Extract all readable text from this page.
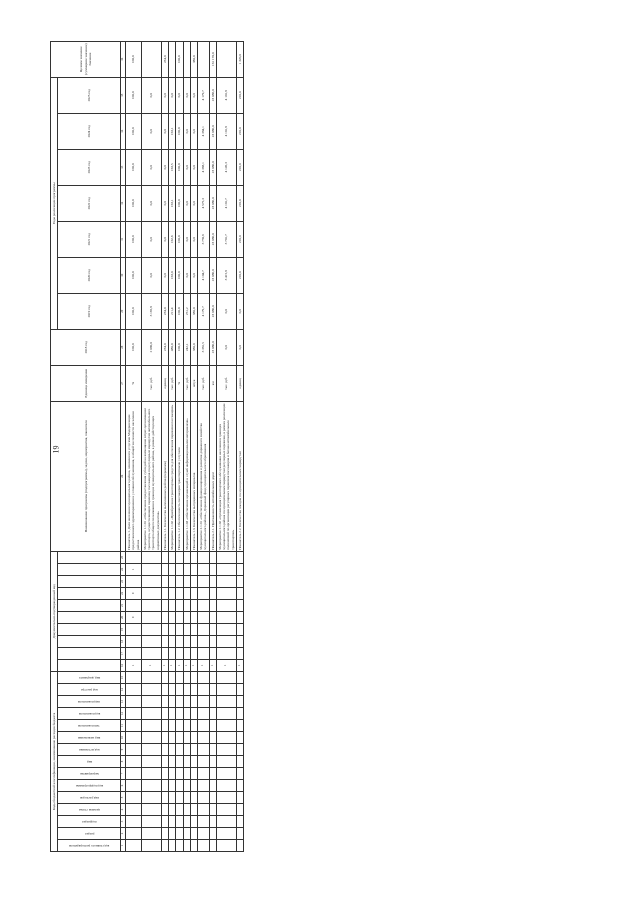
19
Коды бюджетной классификации, наименование расходов бюджета															Документально-подтвержденный код										Наименование программы (подпрограммы), задачи, мероприятия, показателя	Единица измерения	2018 год	Годы реализации программы							Целевое значение (суммарное значение) Значение

код главного распорядителя	раздел	подраздел	целевая статья	вид расходов	код подпрограммы	мероприятие	вид	код источника	вид назначения	тип показателя	код показателя	вид показателя	код реестра	вид документа														2019 год	2020 год	2021 год	2022 год	2023 год	2024 год	2025 год	
1	2	3	4	5	6	7	8	9	10	11	12	13	14	15	16	17	18	19	20	21	22	23	24	25	26	27	28	29	30	31	32	33	34	35	36
															1				0		0		1		Показатель 1. Доля населения муниципального района, охваченного услугами Модернизации предоставленного здравоохранения и условием обслуживания, в общей численности населения района	%	100,0	100,0	100,0	100,0	100,0	100,0	100,0	100,0	100,0
															1										Мероприятие 1.1.01 «Обеспечение предоставления субсидий на возмещение затрат организациям транспорта, осуществляющим перевозку пассажиров по регулярным маршрутам автомобильного транспорта общего пользования в границах муниципального района, в рамках действующих нормативных документов»	тыс. руб.	2 090,0	3 165,8	0,0	0,0	0,0	0,0	0,0	0,0	
															1										Показатель 1.1. Количество выполненных рейсов (перевозок)	единиц	234,0	234,0	0,0	0,0	0,0	0,0	0,0	0,0	234,0
															1										Мероприятие 1.1.02 «Приобретение транспортных средств для обеспечения перевозки пассажиров»	тыс. руб.	480,0	211,4	163,0	162,6	163,1	163,5	163,1	0,0	
															1										Показатель 1.2. Обеспеченность пассажиров транспортными услугами	%	100,0	100,0	100,0	100,0	100,0	100,0	100,0	0,0	100,0
															1										Мероприятие 1.1.03 «Обеспечение организаций и служб информационными материалами»	тыс. руб.	242,1	251,2	0,0	0,0	0,0	0,0	0,0	0,0	
															1										Показатель 1.3. Количество выпущенных материалов	штук	380,0	380,0	0,0	0,0	0,0	0,0	0,0	0,0	380,0
															1										Мероприятие 2.1.01 «Обеспечение функционирования и развития дорожного хозяйства муниципального района», Дорожный фонд муниципального образования	тыс. руб.	3 381,5	4 179,7	4 104,7	3 759,6	4 575,3	4 368,1	4 384,1	4 179,7	
															1										Показатель 2.1. Протяженность автомобильных дорог	км	23 086,0	23 086,0	23 086,0	23 086,0	23 086,0	23 086,0	23 086,0	23 086,0	161 170,0
															1										Мероприятие 2.1.02 «Организация транспортного обслуживания населения в границах муниципального района по муниципальным маршрутам регулярных перевозок, в рамках реализации полномочий по организации регулярных перевозок пассажиров и багажа автомобильным транспортом»	тыс. руб.	0,0	0,0	3 415,8	3 701,7	4 101,7	4 145,3	4 101,8	4 101,8	
															1										Показатель 2.2. Количество поездок по муниципальным маршрутам	единиц	0,0	0,0	220,0	220,0	220,0	220,0	220,0	220,0	1 320,0
